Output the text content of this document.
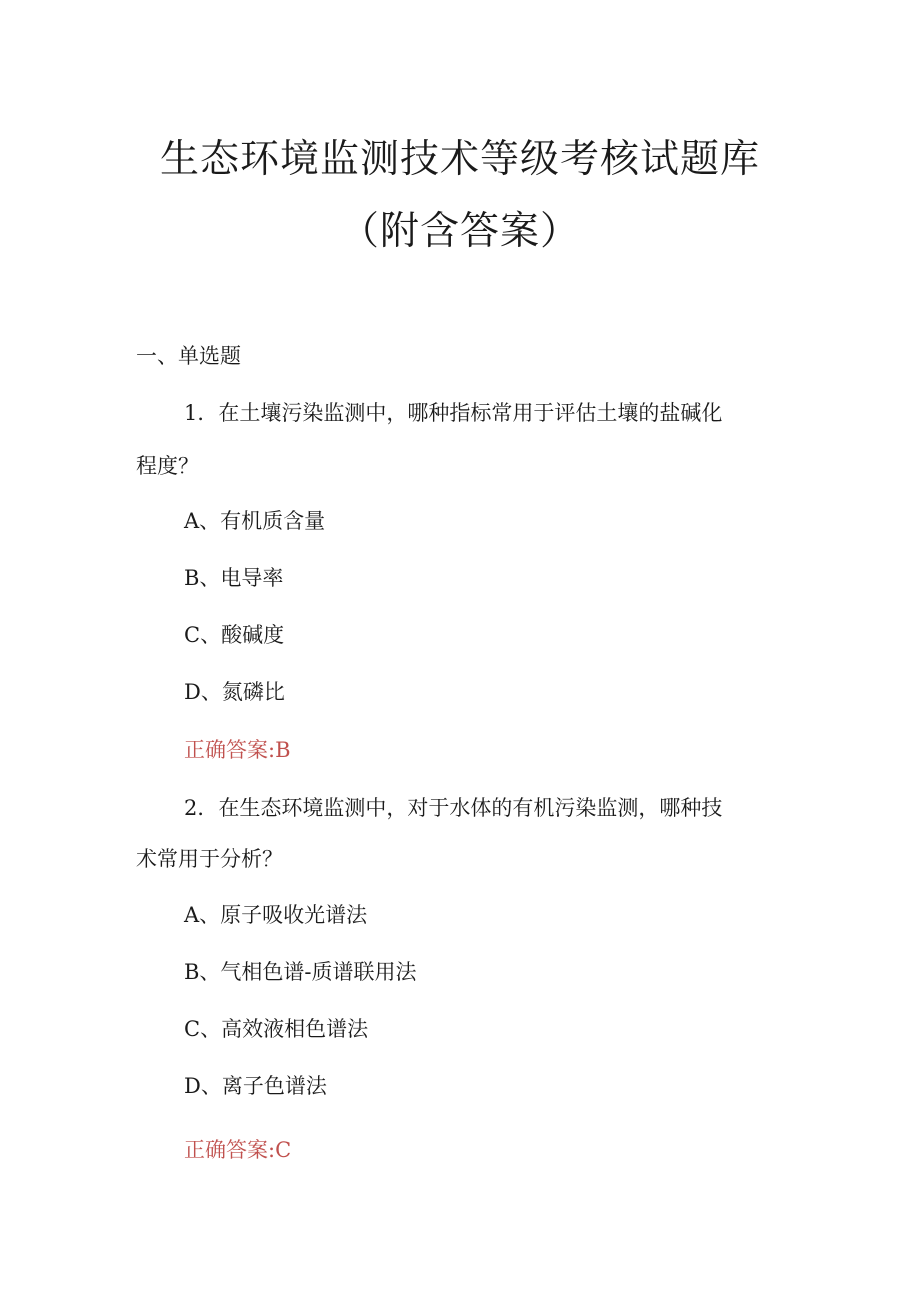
生态环境监测技术等级考核试题库
（附含答案）
一、单选题
1．在土壤污染监测中，哪种指标常用于评估土壤的盐碱化
程度？
A、有机质含量
B、电导率
C、酸碱度
D、氮磷比
正确答案:B
2．在生态环境监测中，对于水体的有机污染监测，哪种技
术常用于分析？
A、原子吸收光谱法
B、气相色谱-质谱联用法
C、高效液相色谱法
D、离子色谱法
正确答案:C
